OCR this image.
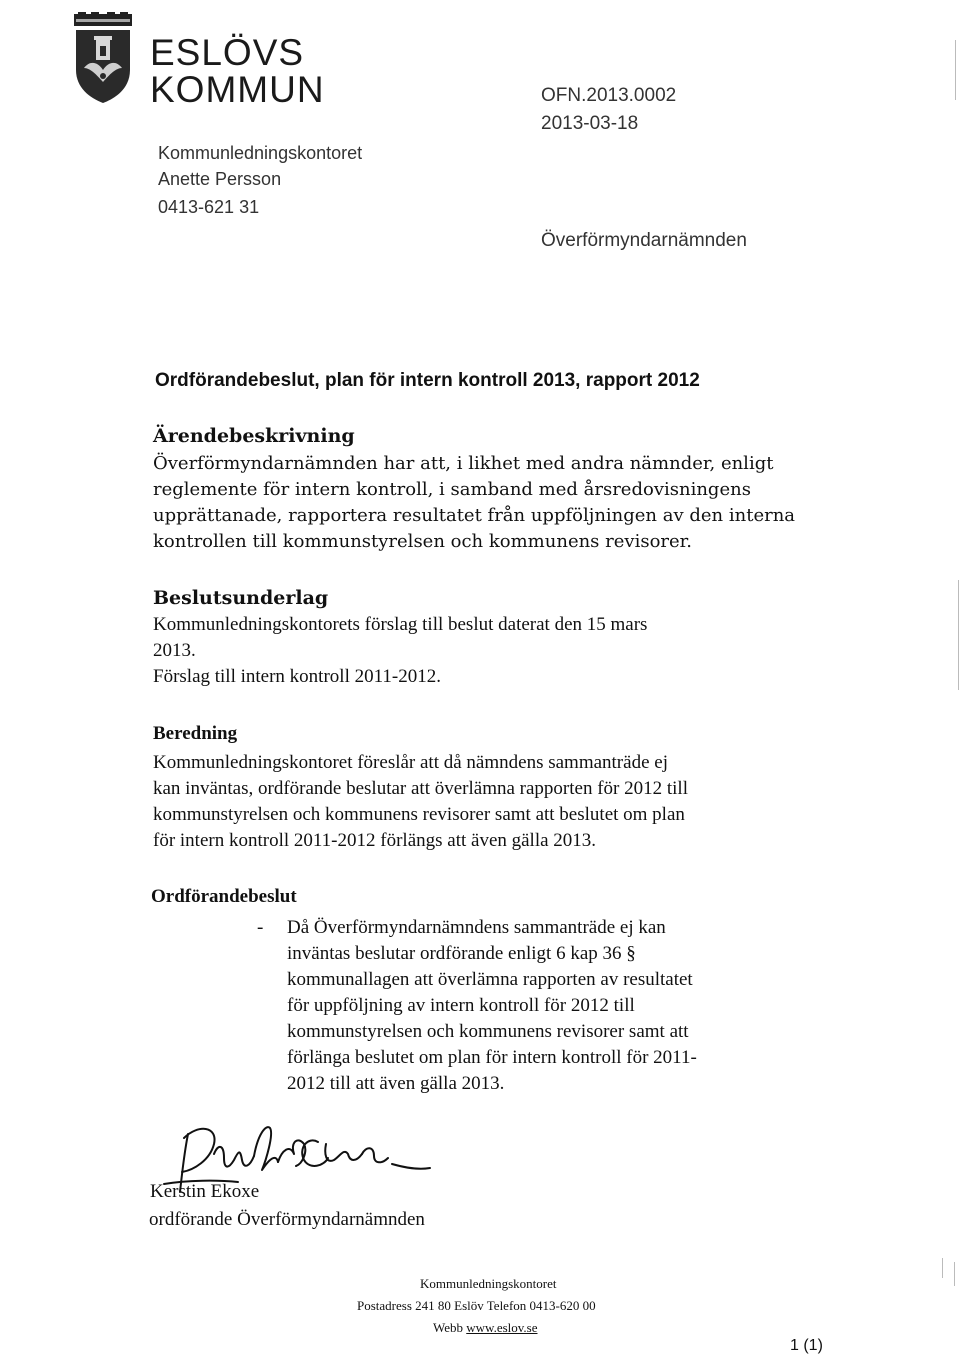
ESLÖVS
KOMMUN
Kommunledningskontoret
Anette Persson
0413-621 31
OFN.2013.0002
2013-03-18
Överförmyndarnämnden
Ordförandebeslut, plan för intern kontroll 2013, rapport 2012
Ärendebeskrivning
Överförmyndarnämnden har att, i likhet med andra nämnder, enligt
reglemente för intern kontroll, i samband med årsredovisningens
upprättanade, rapportera resultatet från uppföljningen av den interna
kontrollen till kommunstyrelsen och kommunens revisorer.
Beslutsunderlag
Kommunledningskontorets förslag till beslut daterat den 15 mars
2013.
Förslag till intern kontroll 2011-2012.
Beredning
Kommunledningskontoret föreslår att då nämndens sammanträde ej
kan inväntas, ordförande beslutar att överlämna rapporten för 2012 till
kommunstyrelsen och kommunens revisorer samt att beslutet om plan
för intern kontroll 2011-2012 förlängs att även gälla 2013.
Ordförandebeslut
- Då Överförmyndarnämndens sammanträde ej kan
inväntas beslutar ordförande enligt 6 kap 36 §
kommunallagen att överlämna rapporten av resultatet
för uppföljning av intern kontroll för 2012 till
kommunstyrelsen och kommunens revisorer samt att
förlänga beslutet om plan för intern kontroll för 2011-
2012 till att även gälla 2013.
Kerstin Ekoxe
ordförande Överförmyndarnämnden
Kommunledningskontoret
Postadress 241 80 Eslöv Telefon 0413-620 00
Webb www.eslov.se
1 (1)
